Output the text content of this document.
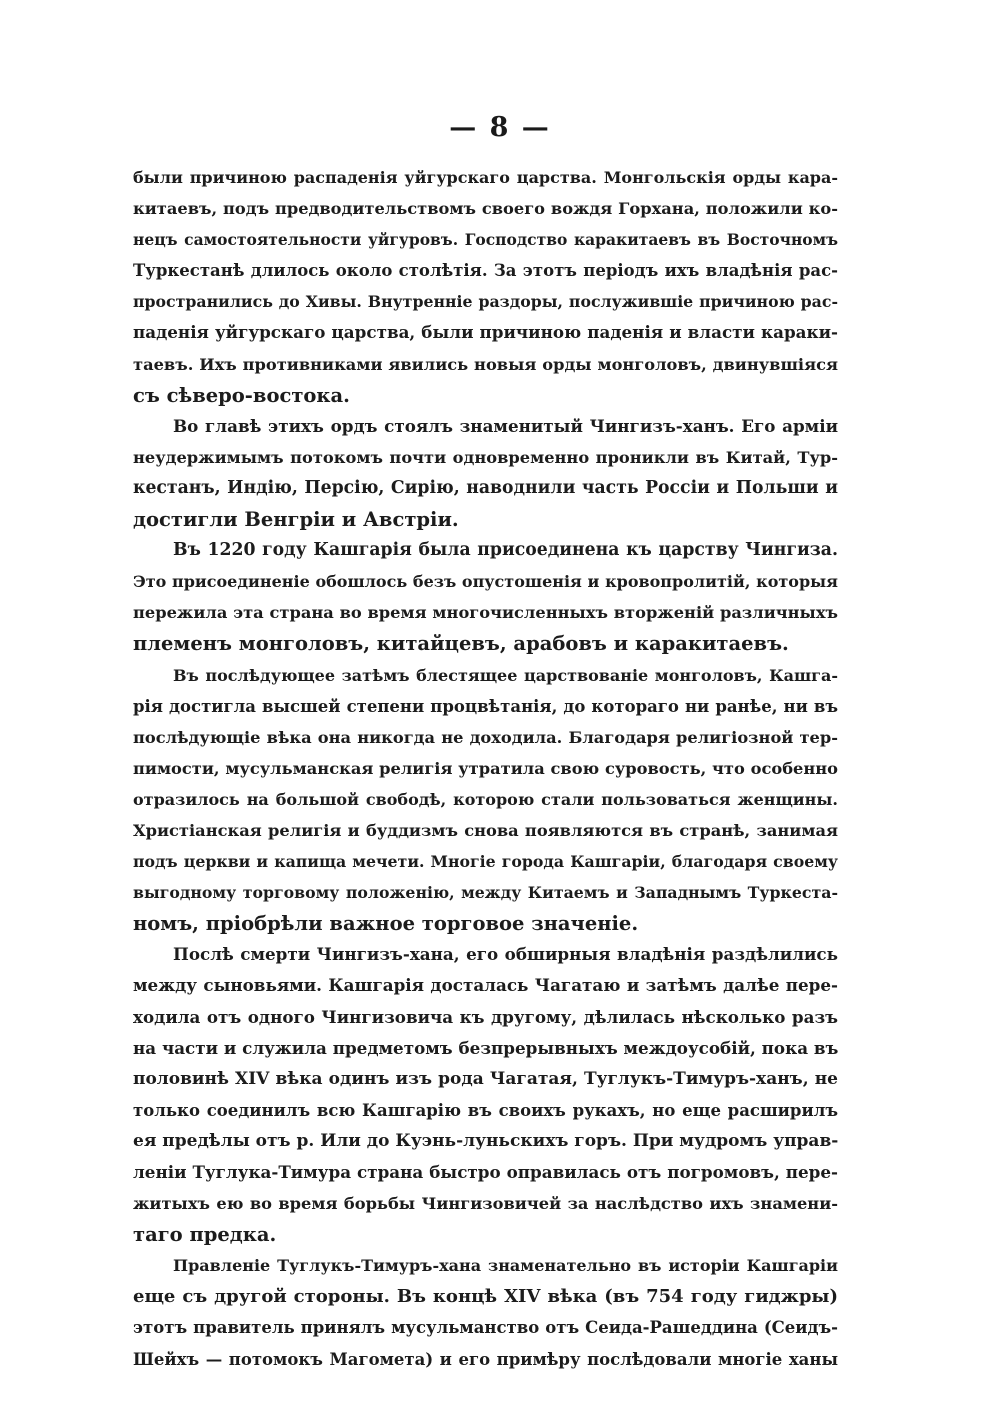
— 8 —
были причиною распаденія уйгурскаго царства. Монгольскія орды кара-
китаевъ, подъ предводительствомъ своего вождя Горхана, положили ко-
нецъ самостоятельности уйгуровъ. Господство каракитаевъ въ Восточномъ
Туркестанѣ длилось около столѣтія. За этотъ періодъ ихъ владѣнія рас-
пространились до Хивы. Внутренніе раздоры, послужившіе причиною рас-
паденія уйгурскаго царства, были причиною паденія и власти караки-
таевъ. Ихъ противниками явились новыя орды монголовъ, двинувшіяся
съ сѣверо-востока.
Во главѣ этихъ ордъ стоялъ знаменитый Чингизъ-ханъ. Его арміи
неудержимымъ потокомъ почти одновременно проникли въ Китай, Тур-
кестанъ, Индію, Персію, Сирію, наводнили часть Россіи и Польши и
достигли Венгріи и Австріи.
Въ 1220 году Кашгарія была присоединена къ царству Чингиза.
Это присоединеніе обошлось безъ опустошенія и кровопролитій, которыя
пережила эта страна во время многочисленныхъ вторженій различныхъ
племенъ монголовъ, китайцевъ, арабовъ и каракитаевъ.
Въ послѣдующее затѣмъ блестящее царствованіе монголовъ, Кашга-
рія достигла высшей степени процвѣтанія, до котораго ни ранѣе, ни въ
послѣдующіе вѣка она никогда не доходила. Благодаря религіозной тер-
пимости, мусульманская религія утратила свою суровость, что особенно
отразилось на большой свободѣ, которою стали пользоваться женщины.
Христіанская религія и буддизмъ снова появляются въ странѣ, занимая
подъ церкви и капища мечети. Многіе города Кашгаріи, благодаря своему
выгодному торговому положенію, между Китаемъ и Западнымъ Туркеста-
номъ, пріобрѣли важное торговое значеніе.
Послѣ смерти Чингизъ-хана, его обширныя владѣнія раздѣлились
между сыновьями. Кашгарія досталась Чагатаю и затѣмъ далѣе пере-
ходила отъ одного Чингизовича къ другому, дѣлилась нѣсколько разъ
на части и служила предметомъ безпрерывныхъ междоусобій, пока въ
половинѣ XIV вѣка одинъ изъ рода Чагатая, Туглукъ-Тимуръ-ханъ, не
только соединилъ всю Кашгарію въ своихъ рукахъ, но еще расширилъ
ея предѣлы отъ р. Или до Куэнь-луньскихъ горъ. При мудромъ управ-
леніи Туглука-Тимура страна быстро оправилась отъ погромовъ, пере-
житыхъ ею во время борьбы Чингизовичей за наслѣдство ихъ знамени-
таго предка.
Правленіе Туглукъ-Тимуръ-хана знаменательно въ исторіи Кашгаріи
еще съ другой стороны. Въ концѣ XIV вѣка (въ 754 году гиджры)
этотъ правитель принялъ мусульманство отъ Сеида-Рашеддина (Сеидъ-
Шейхъ — потомокъ Магомета) и его примѣру послѣдовали многіе ханы
